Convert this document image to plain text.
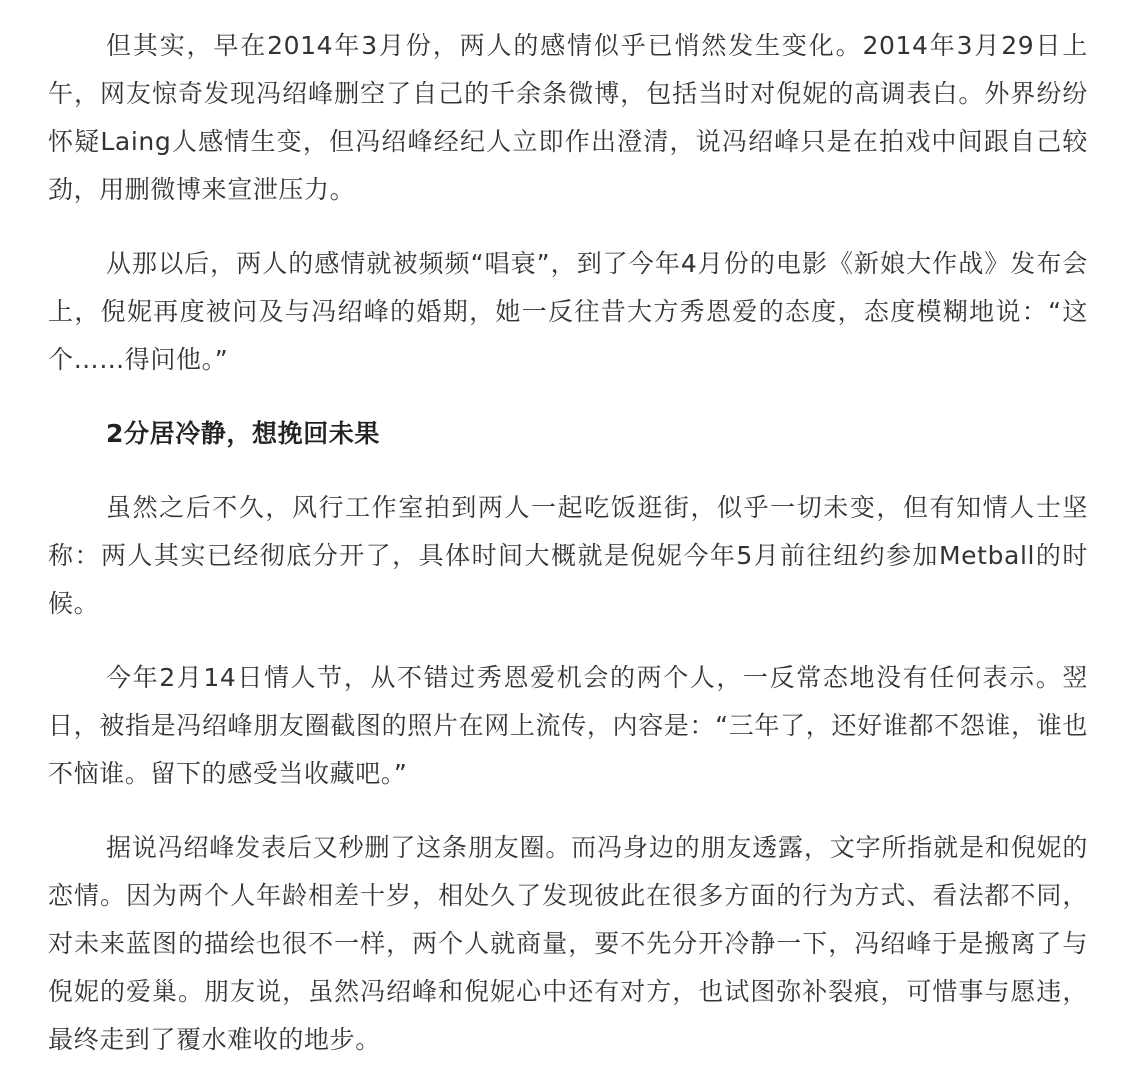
但其实，早在2014年3月份，两人的感情似乎已悄然发生变化。2014年3月29日上午，网友惊奇发现冯绍峰删空了自己的千余条微博，包括当时对倪妮的高调表白。外界纷纷怀疑Laing人感情生变，但冯绍峰经纪人立即作出澄清，说冯绍峰只是在拍戏中间跟自己较劲，用删微博来宣泄压力。

从那以后，两人的感情就被频频“唱衰”，到了今年4月份的电影《新娘大作战》发布会上，倪妮再度被问及与冯绍峰的婚期，她一反往昔大方秀恩爱的态度，态度模糊地说：“这个……得问他。”

2分居冷静，想挽回未果

虽然之后不久，风行工作室拍到两人一起吃饭逛街，似乎一切未变，但有知情人士坚称：两人其实已经彻底分开了，具体时间大概就是倪妮今年5月前往纽约参加Metball的时候。

今年2月14日情人节，从不错过秀恩爱机会的两个人，一反常态地没有任何表示。翌日，被指是冯绍峰朋友圈截图的照片在网上流传，内容是：“三年了，还好谁都不怨谁，谁也不恼谁。留下的感受当收藏吧。”

据说冯绍峰发表后又秒删了这条朋友圈。而冯身边的朋友透露，文字所指就是和倪妮的恋情。因为两个人年龄相差十岁，相处久了发现彼此在很多方面的行为方式、看法都不同，对未来蓝图的描绘也很不一样，两个人就商量，要不先分开冷静一下，冯绍峰于是搬离了与倪妮的爱巢。朋友说，虽然冯绍峰和倪妮心中还有对方，也试图弥补裂痕，可惜事与愿违，最终走到了覆水难收的地步。
